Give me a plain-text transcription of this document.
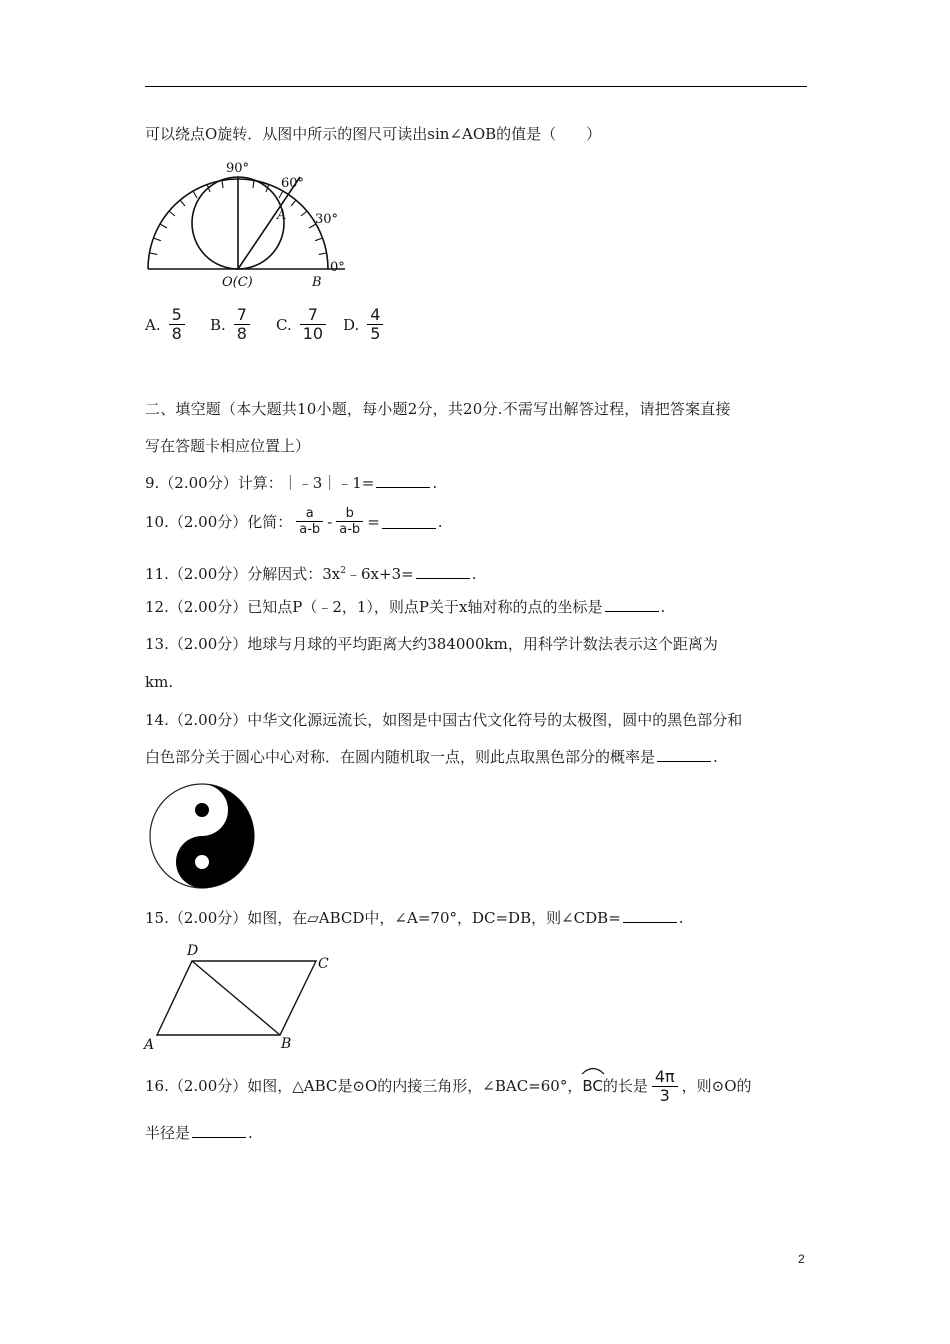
可以绕点O旋转．从图中所示的图尺可读出sin∠AOB的值是（　　）
90°
60°
30°
0°
A
O(C)	B
A. $\frac{5}{8} B$. $\frac{7}{8} C$. $\frac{7}{10} D$. $\frac{4}{5}$
二、填空题（本大题共10小题，每小题2分，共20分.不需写出解答过程，请把答案直接
写在答题卡相应位置上）
9.（2.00分）计算：｜﹣3｜﹣1=	.
10.（2.00分）化简： $\frac{a}{a-b} - \frac{b}{a-b}$ =	.
11.（2.00分）分解因式：$3x^2﹣6x+3=$	.
12.（2.00分）已知点P（﹣2，1），则点P关于x轴对称的点的坐标是	.
13.（2.00分）地球与月球的平均距离大约384000km，用科学计数法表示这个距离为
km.
14.（2.00分）中华文化源远流长，如图是中国古代文化符号的太极图，圆中的黑色部分和
白色部分关于圆心中心对称．在圆内随机取一点，则此点取黑色部分的概率是	.
15.（2.00分）如图，在▱ABCD中，∠A=70°，DC=DB，则∠CDB=	.
D
C
A	B
16.（2.00分）如图，△ABC是⊙O的内接三角形，∠BAC=60°， BC 的长是 $\frac{4\pi}{3}$ ，则⊙O的
半径是	.
2
